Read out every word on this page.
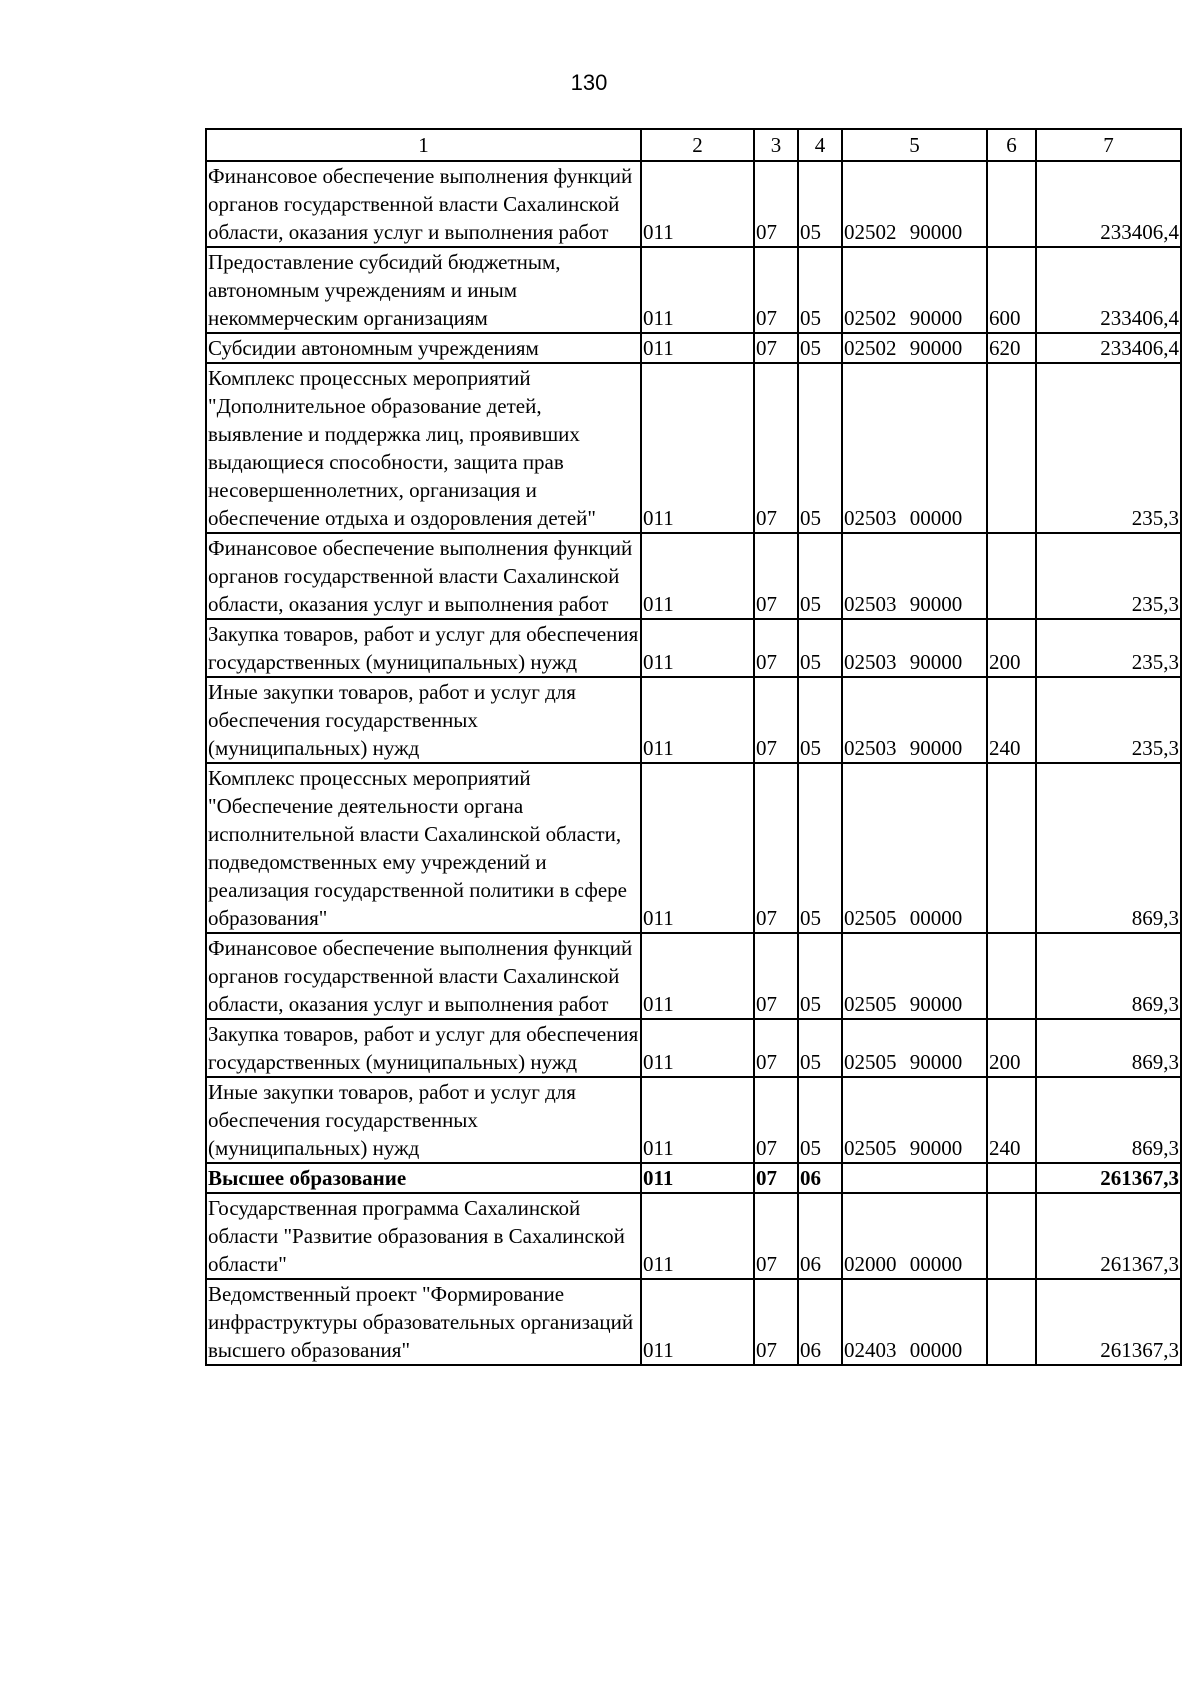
130
1	2	3	4	5	6	7
Финансовое обеспечение выполнения функций органов государственной власти Сахалинской области, оказания услуг и выполнения работ	011	07	05	02502 90000		233406,4
Предоставление субсидий бюджетным, автономным учреждениям и иным некоммерческим организациям	011	07	05	02502 90000	600	233406,4
Субсидии автономным учреждениям	011	07	05	02502 90000	620	233406,4
Комплекс процессных мероприятий "Дополнительное образование детей, выявление и поддержка лиц, проявивших выдающиеся способности, защита прав несовершеннолетних, организация и обеспечение отдыха и оздоровления детей"	011	07	05	02503 00000		235,3
Финансовое обеспечение выполнения функций органов государственной власти Сахалинской области, оказания услуг и выполнения работ	011	07	05	02503 90000		235,3
Закупка товаров, работ и услуг для обеспечения государственных (муниципальных) нужд	011	07	05	02503 90000	200	235,3
Иные закупки товаров, работ и услуг для обеспечения государственных (муниципальных) нужд	011	07	05	02503 90000	240	235,3
Комплекс процессных мероприятий "Обеспечение деятельности органа исполнительной власти Сахалинской области, подведомственных ему учреждений и реализация государственной политики в сфере образования"	011	07	05	02505 00000		869,3
Финансовое обеспечение выполнения функций органов государственной власти Сахалинской области, оказания услуг и выполнения работ	011	07	05	02505 90000		869,3
Закупка товаров, работ и услуг для обеспечения государственных (муниципальных) нужд	011	07	05	02505 90000	200	869,3
Иные закупки товаров, работ и услуг для обеспечения государственных (муниципальных) нужд	011	07	05	02505 90000	240	869,3
Высшее образование	011	07	06			261367,3
Государственная программа Сахалинской области "Развитие образования в Сахалинской области"	011	07	06	02000 00000		261367,3
Ведомственный проект "Формирование инфраструктуры образовательных организаций высшего образования"	011	07	06	02403 00000		261367,3
